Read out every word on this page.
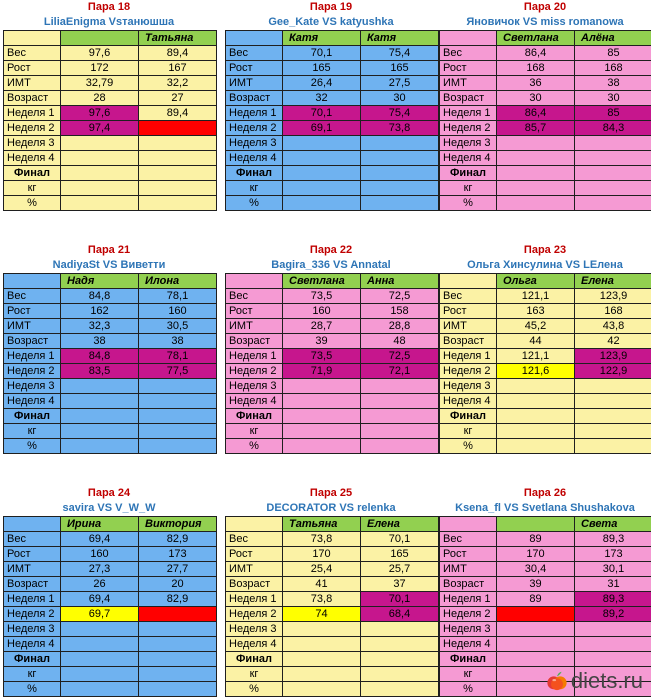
Пара 18
LiliaEnigma Vsтанюшша
		Татьяна
Вес	97,6	89,4
Рост	172	167
ИМТ	32,79	32,2
Возраст	28	27
Неделя 1	97,6	89,4
Неделя 2	97,4	
Неделя 3		
Неделя 4		
Финал		
кг		
%		
Пара 19
Gee_Kate VS katyushka
	Катя	Катя
Вес	70,1	75,4
Рост	165	165
ИМТ	26,4	27,5
Возраст	32	30
Неделя 1	70,1	75,4
Неделя 2	69,1	73,8
Неделя 3		
Неделя 4		
Финал		
кг		
%		
Пара 20
Яновичок VS miss romanowa
	Светлана	Алёна
Вес	86,4	85
Рост	168	168
ИМТ	36	38
Возраст	30	30
Неделя 1	86,4	85
Неделя 2	85,7	84,3
Неделя 3		
Неделя 4		
Финал		
кг		
%		
Пара 21
NadiyaSt VS Виветти
	Надя	Илона
Вес	84,8	78,1
Рост	162	160
ИМТ	32,3	30,5
Возраст	38	38
Неделя 1	84,8	78,1
Неделя 2	83,5	77,5
Неделя 3		
Неделя 4		
Финал		
кг		
%		
Пара 22
Bagira_336 VS Annatal
	Светлана	Анна
Вес	73,5	72,5
Рост	160	158
ИМТ	28,7	28,8
Возраст	39	48
Неделя 1	73,5	72,5
Неделя 2	71,9	72,1
Неделя 3		
Неделя 4		
Финал		
кг		
%		
Пара 23
Ольга Хинсулина VS LЕлена
	Ольга	Елена
Вес	121,1	123,9
Рост	163	168
ИМТ	45,2	43,8
Возраст	44	42
Неделя 1	121,1	123,9
Неделя 2	121,6	122,9
Неделя 3		
Неделя 4		
Финал		
кг		
%		
Пара 24
savira VS V_W_W
	Ирина	Виктория
Вес	69,4	82,9
Рост	160	173
ИМТ	27,3	27,7
Возраст	26	20
Неделя 1	69,4	82,9
Неделя 2	69,7	
Неделя 3		
Неделя 4		
Финал		
кг		
%		
Пара 25
DECORATOR VS relenka
	Татьяна	Елена
Вес	73,8	70,1
Рост	170	165
ИМТ	25,4	25,7
Возраст	41	37
Неделя 1	73,8	70,1
Неделя 2	74	68,4
Неделя 3		
Неделя 4		
Финал		
кг		
%		
Пара 26
Ksena_fl VS Svetlana Shushakova
		Света
Вес	89	89,3
Рост	170	173
ИМТ	30,4	30,1
Возраст	39	31
Неделя 1	89	89,3
Неделя 2		89,2
Неделя 3		
Неделя 4		
Финал		
кг		
%			diets.ru
